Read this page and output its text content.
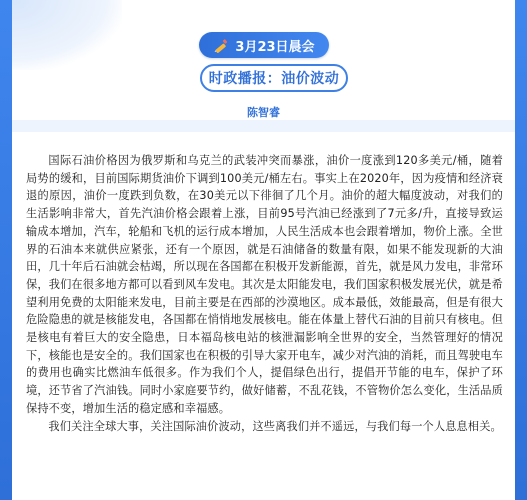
3月23日晨会
时政播报：油价波动
陈智睿

国际石油价格因为俄罗斯和乌克兰的武装冲突而暴涨，油价一度涨到120多美元/桶，随着局势的缓和，目前国际期货油价下调到100美元/桶左右。事实上在2020年，因为疫情和经济衰退的原因，油价一度跌到负数，在30美元以下徘徊了几个月。油价的超大幅度波动，对我们的生活影响非常大，首先汽油价格会跟着上涨，目前95号汽油已经涨到了7元多/升，直接导致运输成本增加，汽车，轮船和飞机的运行成本增加，人民生活成本也会跟着增加，物价上涨。全世界的石油本来就供应紧张，还有一个原因，就是石油储备的数量有限，如果不能发现新的大油田，几十年后石油就会枯竭，所以现在各国都在积极开发新能源，首先，就是风力发电，非常环保，我们在很多地方都可以看到风车发电。其次是太阳能发电，我们国家积极发展光伏，就是希望利用免费的太阳能来发电，目前主要是在西部的沙漠地区。成本最低，效能最高，但是有很大危险隐患的就是核能发电，各国都在悄悄地发展核电。能在体量上替代石油的目前只有核电。但是核电有着巨大的安全隐患，日本福岛核电站的核泄漏影响全世界的安全，当然管理好的情况下，核能也是安全的。我们国家也在积极的引导大家开电车，减少对汽油的消耗，而且驾驶电车的费用也确实比燃油车低很多。作为我们个人，提倡绿色出行，提倡开节能的电车，保护了环境，还节省了汽油钱。同时小家庭要节约，做好储蓄，不乱花钱，不管物价怎么变化，生活品质保持不变，增加生活的稳定感和幸福感。

我们关注全球大事，关注国际油价波动，这些离我们并不遥远，与我们每一个人息息相关。
